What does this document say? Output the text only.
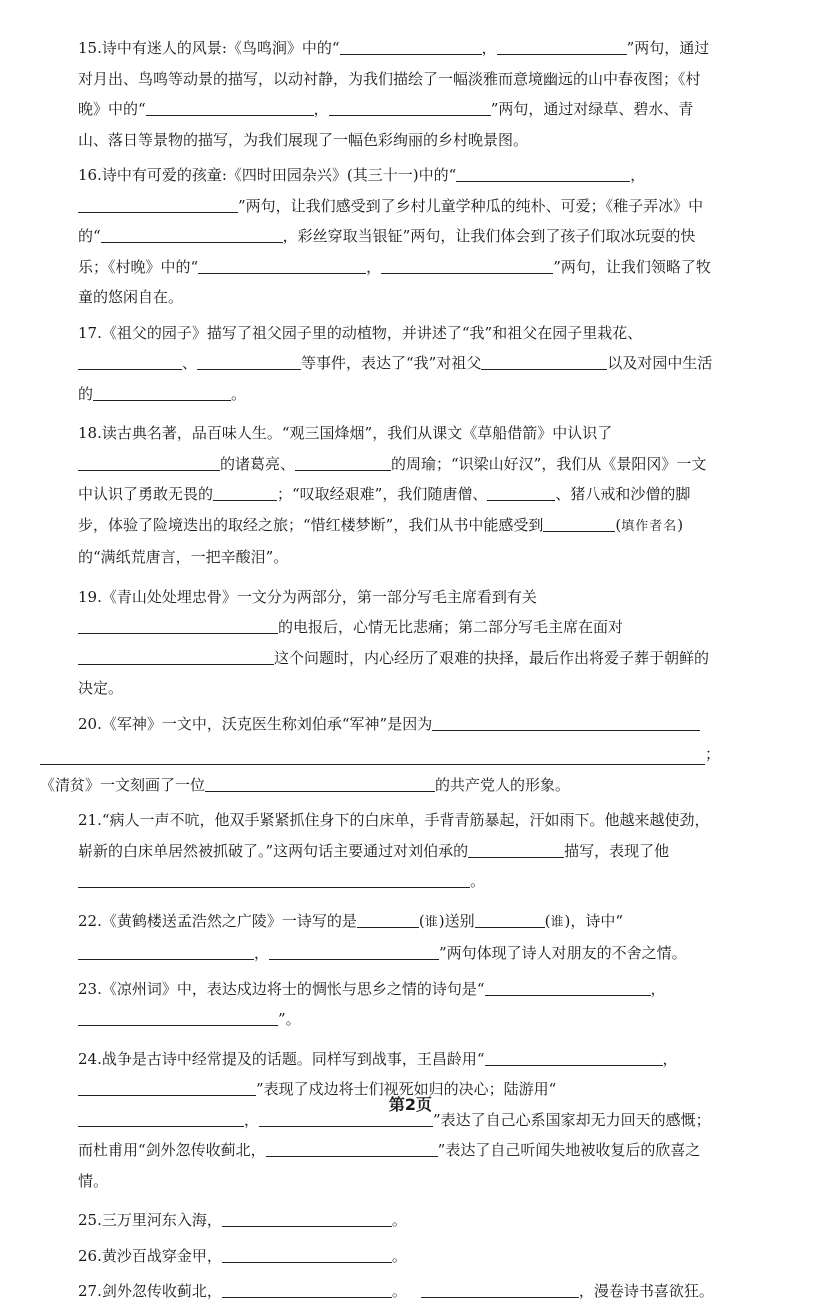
15.诗中有迷人的风景:《鸟鸣涧》中的“	，	”两句，通过对月出、鸟鸣等动景的描写，以动衬静，为我们描绘了一幅淡雅而意境幽远的山中春夜图；《村晚》中的“	，	”两句，通过对绿草、碧水、青山、落日等景物的描写，为我们展现了一幅色彩绚丽的乡村晚景图。
16.诗中有可爱的孩童:《四时田园杂兴》(其三十一)中的“	，”两句，让我们感受到了乡村儿童学种瓜的纯朴、可爱；《稚子弄冰》中的“	，彩丝穿取当银钲”两句，让我们体会到了孩子们取冰玩耍的快乐；《村晚》中的“	，	”两句，让我们领略了牧童的悠闲自在。
17.《祖父的园子》描写了祖父园子里的动植物，并讲述了“我”和祖父在园子里栽花、、	等事件，表达了“我”对祖父	以及对园中生活的	。
18.读古典名著，品百味人生。“观三国烽烟”，我们从课文《草船借箭》中认识了的诸葛亮、	的周瑜；“识梁山好汉”，我们从《景阳冈》一文中认识了勇敢无畏的	；“叹取经艰难”，我们随唐僧、	、猪八戒和沙僧的脚步，体验了险境迭出的取经之旅；“惜红楼梦断”，我们从书中能感受到	(填作者名)的“满纸荒唐言，一把辛酸泪”。
19.《青山处处埋忠骨》一文分为两部分，第一部分写毛主席看到有关的电报后，心情无比悲痛；第二部分写毛主席在面对这个问题时，内心经历了艰难的抉择，最后作出将爱子葬于朝鲜的决定。
20.《军神》一文中，沃克医生称刘伯承“军神”是因为
；
《清贫》一文刻画了一位	的共产党人的形象。
21.“病人一声不吭，他双手紧紧抓住身下的白床单，手背青筋暴起，汗如雨下。他越来越使劲，崭新的白床单居然被抓破了。”这两句话主要通过对刘伯承的	描写，表现了他。
22.《黄鹤楼送孟浩然之广陵》一诗写的是	(谁)送别	(谁)，诗中“，	”两句体现了诗人对朋友的不舍之情。
23.《凉州词》中，表达戍边将士的惆怅与思乡之情的诗句是“	，”。
24.战争是古诗中经常提及的话题。同样写到战事，王昌龄用“	，”表现了戍边将士们视死如归的决心；陆游用“，	”表达了自己心系国家却无力回天的感慨；而杜甫用“剑外忽传收蓟北，	”表达了自己听闻失地被收复后的欣喜之情。
25.三万里河东入海，	。
26.黄沙百战穿金甲，	。
27.剑外忽传收蓟北，	。	，漫卷诗书喜欲狂。
第2页
